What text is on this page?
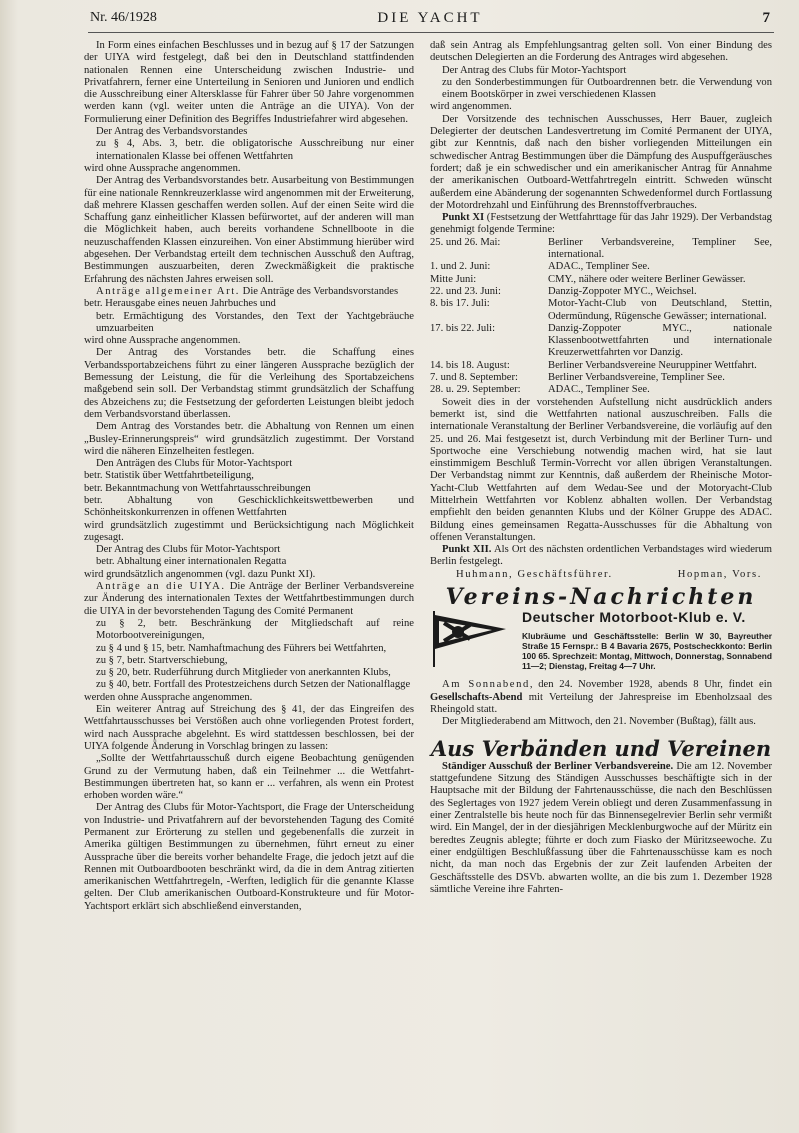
Nr. 46/1928	DIE YACHT	7

In Form eines einfachen Beschlusses und in bezug auf § 17 der Satzungen der UIYA wird festgelegt, daß bei den in Deutschland stattfindenden nationalen Rennen eine Unterscheidung zwischen Industrie- und Privatfahrern, ferner eine Unterteilung in Senioren und Junioren und endlich die Ausschreibung einer Altersklasse für Fahrer über 50 Jahre vorgenommen werden kann (vgl. weiter unten die Anträge an die UIYA). Von der Formulierung einer Definition des Begriffes Industriefahrer wird abgesehen.

Der Antrag des Verbandsvorstandes

zu § 4, Abs. 3, betr. die obligatorische Ausschreibung nur einer internationalen Klasse bei offenen Wettfahrten

wird ohne Aussprache angenommen.

Der Antrag des Verbandsvorstandes betr. Ausarbeitung von Bestimmungen für eine nationale Rennkreuzerklasse wird angenommen mit der Erweiterung, daß mehrere Klassen geschaffen werden sollen. Auf der einen Seite wird die Schaffung ganz einheitlicher Klassen befürwortet, auf der anderen will man die Möglichkeit haben, auch bereits vorhandene Schnellboote in die neuzuschaffenden Klassen einzureihen. Von einer Abstimmung hierüber wird abgesehen. Der Verbandstag erteilt dem technischen Ausschuß den Auftrag, Bestimmungen auszuarbeiten, deren Zweckmäßigkeit die praktische Erfahrung des nächsten Jahres erweisen soll.

Anträge allgemeiner Art. Die Anträge des Verbandsvorstandes

betr. Herausgabe eines neuen Jahrbuches und

betr. Ermächtigung des Vorstandes, den Text der Yachtgebräuche umzuarbeiten

wird ohne Aussprache angenommen.

Der Antrag des Vorstandes betr. die Schaffung eines Verbandssportabzeichens führt zu einer längeren Aussprache bezüglich der Bemessung der Leistung, die für die Verleihung des Sportabzeichens maßgebend sein soll. Der Verbandstag stimmt grundsätzlich der Schaffung des Abzeichens zu; die Festsetzung der geforderten Leistungen bleibt jedoch dem Verbandsvorstand überlassen.

Dem Antrag des Vorstandes betr. die Abhaltung von Rennen um einen „Busley-Erinnerungspreis“ wird grundsätzlich zugestimmt. Der Vorstand wird die näheren Einzelheiten festlegen.

Den Anträgen des Clubs für Motor-Yachtsport

betr. Statistik über Wettfahrtbeteiligung,

betr. Bekanntmachung von Wettfahrtausschreibungen

betr. Abhaltung von Geschicklichkeitswettbewerben und Schönheitskonkurrenzen in offenen Wettfahrten

wird grundsätzlich zugestimmt und Berücksichtigung nach Möglichkeit zugesagt.

Der Antrag des Clubs für Motor-Yachtsport

betr. Abhaltung einer internationalen Regatta

wird grundsätzlich angenommen (vgl. dazu Punkt XI).

Anträge an die UIYA. Die Anträge der Berliner Verbandsvereine zur Änderung des internationalen Textes der Wettfahrtbestimmungen durch die UIYA in der bevorstehenden Tagung des Comité Permanent

zu § 2, betr. Beschränkung der Mitgliedschaft auf reine Motorbootvereinigungen,

zu § 4 und § 15, betr. Namhaftmachung des Führers bei Wettfahrten,

zu § 7, betr. Startverschiebung,

zu § 20, betr. Ruderführung durch Mitglieder von anerkannten Klubs,

zu § 40, betr. Fortfall des Protestzeichens durch Setzen der Nationalflagge

werden ohne Aussprache angenommen.

Ein weiterer Antrag auf Streichung des § 41, der das Eingreifen des Wettfahrtausschusses bei Verstößen auch ohne vorliegenden Protest fordert, wird nach Aussprache abgelehnt. Es wird stattdessen beschlossen, bei der UIYA folgende Änderung in Vorschlag bringen zu lassen:

„Sollte der Wettfahrtausschuß durch eigene Beobachtung genügenden Grund zu der Vermutung haben, daß ein Teilnehmer ... die Wettfahrt-Bestimmungen übertreten hat, so kann er ... verfahren, als wenn ein Protest erhoben worden wäre.“

Der Antrag des Clubs für Motor-Yachtsport, die Frage der Unterscheidung von Industrie- und Privatfahrern auf der bevorstehenden Tagung des Comité Permanent zur Erörterung zu stellen und gegebenenfalls die zurzeit in Amerika gültigen Bestimmungen zu übernehmen, führt erneut zu einer Aussprache über die bereits vorher behandelte Frage, die jedoch jetzt auf die Rennen mit Outboardbooten beschränkt wird, da die in dem Antrag zitierten amerikanischen Wettfahrtregeln, -Werften, lediglich für die genannte Klasse gelten. Der Club amerikanischen Outboard-Konstrukteure und für Motor-Yachtsport erklärt sich abschließend einverstanden,

daß sein Antrag als Empfehlungsantrag gelten soll. Von einer Bindung des deutschen Delegierten an die Forderung des Antrages wird abgesehen.

Der Antrag des Clubs für Motor-Yachtsport

zu den Sonderbestimmungen für Outboardrennen betr. die Verwendung von einem Bootskörper in zwei verschiedenen Klassen

wird angenommen.

Der Vorsitzende des technischen Ausschusses, Herr Bauer, zugleich Delegierter der deutschen Landesvertretung im Comité Permanent der UIYA, gibt zur Kenntnis, daß nach den bisher vorliegenden Mitteilungen ein schwedischer Antrag Bestimmungen über die Dämpfung des Auspuffgeräusches fordert; daß je ein schwedischer und ein amerikanischer Antrag für Annahme der amerikanischen Outboard-Wettfahrtregeln eintritt. Schweden wünscht außerdem eine Abänderung der sogenannten Schwedenformel durch Fortlassung der Motordrehzahl und Einführung des Brennstoffverbrauches.

Punkt XI (Festsetzung der Wettfahrttage für das Jahr 1929). Der Verbandstag genehmigt folgende Termine:

25. und 26. Mai:	Berliner Verbandsvereine, Templiner See, international.
1. und 2. Juni:	ADAC., Templiner See.
Mitte Juni:	CMY., nähere oder weitere Berliner Gewässer.
22. und 23. Juni:	Danzig-Zoppoter MYC., Weichsel.
8. bis 17. Juli:	Motor-Yacht-Club von Deutschland, Stettin, Odermündung, Rügensche Gewässer; international.
17. bis 22. Juli:	Danzig-Zoppoter MYC., nationale Klassenbootwettfahrten und internationale Kreuzerwettfahrten vor Danzig.
14. bis 18. August:	Berliner Verbandsvereine Neuruppiner Wettfahrt.
7. und 8. September:	Berliner Verbandsvereine, Templiner See.
28. u. 29. September:	ADAC., Templiner See.

Soweit dies in der vorstehenden Aufstellung nicht ausdrücklich anders bemerkt ist, sind die Wettfahrten national auszuschreiben. Falls die internationale Veranstaltung der Berliner Verbandsvereine, die vorläufig auf den 25. und 26. Mai festgesetzt ist, durch Verbindung mit der Berliner Turn- und Sportwoche eine Verschiebung notwendig machen wird, hat sie laut einstimmigem Beschluß Termin-Vorrecht vor allen übrigen Veranstaltungen. Der Verbandstag nimmt zur Kenntnis, daß außerdem der Rheinische Motor-Yacht-Club Wettfahrten auf dem Wedau-See und der Motoryacht-Club Mittelrhein Wettfahrten vor Koblenz abhalten wollen. Der Verbandstag empfiehlt den beiden genannten Klubs und der Kölner Gruppe des ADAC. Bildung eines gemeinsamen Regatta-Ausschusses für die Abhaltung von offenen Veranstaltungen.

Punkt XII. Als Ort des nächsten ordentlichen Verbandstages wird wiederum Berlin festgelegt.

Huhmann, Geschäftsführer.	Hopman, Vors.
Vereins-Nachrichten
Deutscher Motorboot-Klub e. V.
Klubräume und Geschäftsstelle: Berlin W 30, Bayreuther Straße 15 Fernspr.: B 4 Bavaria 2675, Postscheckkonto: Berlin 100 65. Sprechzeit: Montag, Mittwoch, Donnerstag, Sonnabend 11—2; Dienstag, Freitag 4—7 Uhr.

Am Sonnabend, den 24. November 1928, abends 8 Uhr, findet ein Gesellschafts-Abend mit Verteilung der Jahrespreise im Ebenholzsaal des Rheingold statt.

Der Mitgliederabend am Mittwoch, den 21. November (Bußtag), fällt aus.

Aus Verbänden und Vereinen

Ständiger Ausschuß der Berliner Verbandsvereine. Die am 12. November stattgefundene Sitzung des Ständigen Ausschusses beschäftigte sich in der Hauptsache mit der Bildung der Fahrtenausschüsse, die nach den Beschlüssen des Seglertages von 1927 jedem Verein obliegt und deren Zusammenfassung in einer Zentralstelle bis heute noch für das Binnensegelrevier Berlin sehr vermißt wird. Ein Mangel, der in der diesjährigen Mecklenburgwoche auf der Müritz ein beredtes Zeugnis ablegte; führte er doch zum Fiasko der Müritzseewoche. Zu einer endgültigen Beschlußfassung über die Fahrtenausschüsse kam es noch nicht, da man noch das Ergebnis der zur Zeit laufenden Arbeiten der Geschäftsstelle des DSVb. abwarten wollte, an die bis zum 1. Dezember 1928 sämtliche Vereine ihre Fahrten-
